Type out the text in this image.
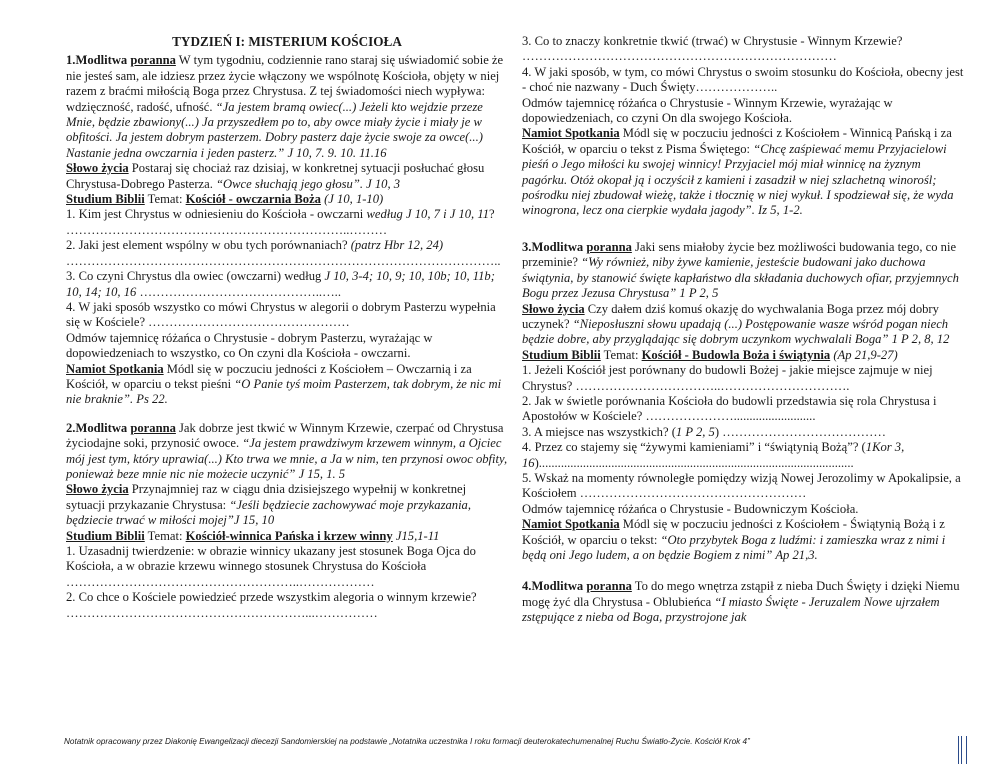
TYDZIEŃ I: MISTERIUM KOŚCIOŁA
1.Modlitwa poranna W tym tygodniu, codziennie rano staraj się uświadomić sobie że nie jesteś sam, ale idziesz przez życie włączony we wspólnotę Kościoła, objęty w niej razem z braćmi miłością Boga przez Chrystusa. Z tej świadomości niech wypływa: wdzięczność, radość, ufność. “Ja jestem bramą owiec(...) Jeżeli kto wejdzie przeze Mnie, będzie zbawiony(...) Ja przyszedłem po to, aby owce miały życie i miały je w obfitości. Ja jestem dobrym pasterzem. Dobry pasterz daje życie swoje za owce(...) Nastanie jedna owczarnia i jeden pasterz.” J 10, 7. 9. 10. 11.16
Słowo życia Postaraj się chociaż raz dzisiaj, w konkretnej sytuacji posłuchać głosu Chrystusa-Dobrego Pasterza. “Owce słuchają jego głosu”. J 10, 3
Studium Biblii Temat: Kościół - owczarnia Boża (J 10, 1-10)
1. Kim jest Chrystus w odniesieniu do Kościoła - owczarni według J 10, 7 i J 10, 11? …………………………………………………………..………
2. Jaki jest element wspólny w obu tych porównaniach? (patrz Hbr 12, 24)
…………………………………………………………………………………………..
3. Co czyni Chrystus dla owiec (owczarni) według J 10, 3-4; 10, 9; 10, 10b; 10, 11b; 10, 14; 10, 16 ……………………………………..…..
4. W jaki sposób wszystko co mówi Chrystus w alegorii o dobrym Pasterzu wypełnia się w Kościele? …………………………………………
Odmów tajemnicę różańca o Chrystusie - dobrym Pasterzu, wyrażając w dopowiedzeniach to wszystko, co On czyni dla Kościoła - owczarni.
Namiot Spotkania Módl się w poczuciu jedności z Kościołem – Owczarnią i za Kościół, w oparciu o tekst pieśni “O Panie tyś moim Pasterzem, tak dobrym, że nic mi nie braknie”. Ps 22.
2.Modlitwa poranna Jak dobrze jest tkwić w Winnym Krzewie, czerpać od Chrystusa życiodajne soki, przynosić owoce. “Ja jestem prawdziwym krzewem winnym, a Ojciec mój jest tym, który uprawia(...) Kto trwa we mnie, a Ja w nim, ten przynosi owoc obfity, ponieważ beze mnie nic nie możecie uczynić” J 15, 1. 5
Słowo życia Przynajmniej raz w ciągu dnia dzisiejszego wypełnij w konkretnej sytuacji przykazanie Chrystusa: “Jeśli będziecie zachowywać moje przykazania, będziecie trwać w miłości mojej”J 15, 10
Studium Biblii Temat: Kościół-winnica Pańska i krzew winny J15,1-11
1. Uzasadnij twierdzenie: w obrazie winnicy ukazany jest stosunek Boga Ojca do Kościoła, a w obrazie krzewu winnego stosunek Chrystusa do Kościoła ………………………………………………..………………
2. Co chce o Kościele powiedzieć przede wszystkim alegoria o winnym krzewie? …………………………………………………...……………
3. Co to znaczy konkretnie tkwić (trwać) w Chrystusie - Winnym Krzewie? …………………………………………………………………
4. W jaki sposób, w tym, co mówi Chrystus o swoim stosunku do Kościoła, obecny jest - choć nie nazwany - Duch Święty………………..
Odmów tajemnicę różańca o Chrystusie - Winnym Krzewie, wyrażając w dopowiedzeniach, co czyni On dla swojego Kościoła.
Namiot Spotkania Módl się w poczuciu jedności z Kościołem - Winnicą Pańską i za Kościół, w oparciu o tekst z Pisma Świętego: “Chcę zaśpiewać memu Przyjacielowi pieśń o Jego miłości ku swojej winnicy! Przyjaciel mój miał winnicę na żyznym pagórku. Otóż okopał ją i oczyścił z kamieni i zasadził w niej szlachetną winorośl; pośrodku niej zbudował wieżę, także i tłocznię w niej wykuł. I spodziewał się, że wyda winogrona, lecz ona cierpkie wydała jagody”. Iz 5, 1-2.
3.Modlitwa poranna Jaki sens miałoby życie bez możliwości budowania tego, co nie przeminie? “Wy również, niby żywe kamienie, jesteście budowani jako duchowa świątynia, by stanowić święte kapłaństwo dla składania duchowych ofiar, przyjemnych Bogu przez Jezusa Chrystusa” 1 P 2, 5
Słowo życia Czy dałem dziś komuś okazję do wychwalania Boga przez mój dobry uczynek? “Nieposłuszni słowu upadają (...) Postępowanie wasze wśród pogan niech będzie dobre, aby przyglądając się dobrym uczynkom wychwalali Boga” 1 P 2, 8, 12
Studium Biblii Temat: Kościół - Budowla Boża i świątynia (Ap 21,9-27)
1. Jeżeli Kościół jest porównany do budowli Bożej - jakie miejsce zajmuje w niej Chrystus? ……………………………..………………………….
2. Jak w świetle porównania Kościoła do budowli przedstawia się rola Chrystusa i Apostołów w Kościele? …………………..........................
3. A miejsce nas wszystkich? (1 P 2, 5) …………………………………
4. Przez co stajemy się “żywymi kamieniami” i “świątynią Bożą”? (1Kor 3, 16)....................................................................................................
5. Wskaż na momenty równoległe pomiędzy wizją Nowej Jerozolimy w Apokalipsie, a Kościołem ………………………………………………
Odmów tajemnicę różańca o Chrystusie - Budowniczym Kościoła.
Namiot Spotkania Módl się w poczuciu jedności z Kościołem - Świątynią Bożą i z Kościół, w oparciu o tekst: “Oto przybytek Boga z ludźmi: i zamieszka wraz z nimi i będą oni Jego ludem, a on będzie Bogiem z nimi” Ap 21,3.
4.Modlitwa poranna To do mego wnętrza zstąpił z nieba Duch Święty i dzięki Niemu mogę żyć dla Chrystusa - Oblubieńca “I miasto Święte - Jeruzalem Nowe ujrzałem zstępujące z nieba od Boga, przystrojone jak
Notatnik opracowany przez Diakonię Ewangelizacji diecezji Sandomierskiej na podstawie „Notatnika uczestnika I roku formacji deuterokatechumenalnej Ruchu Światło-Życie. Kościół Krok 4”
